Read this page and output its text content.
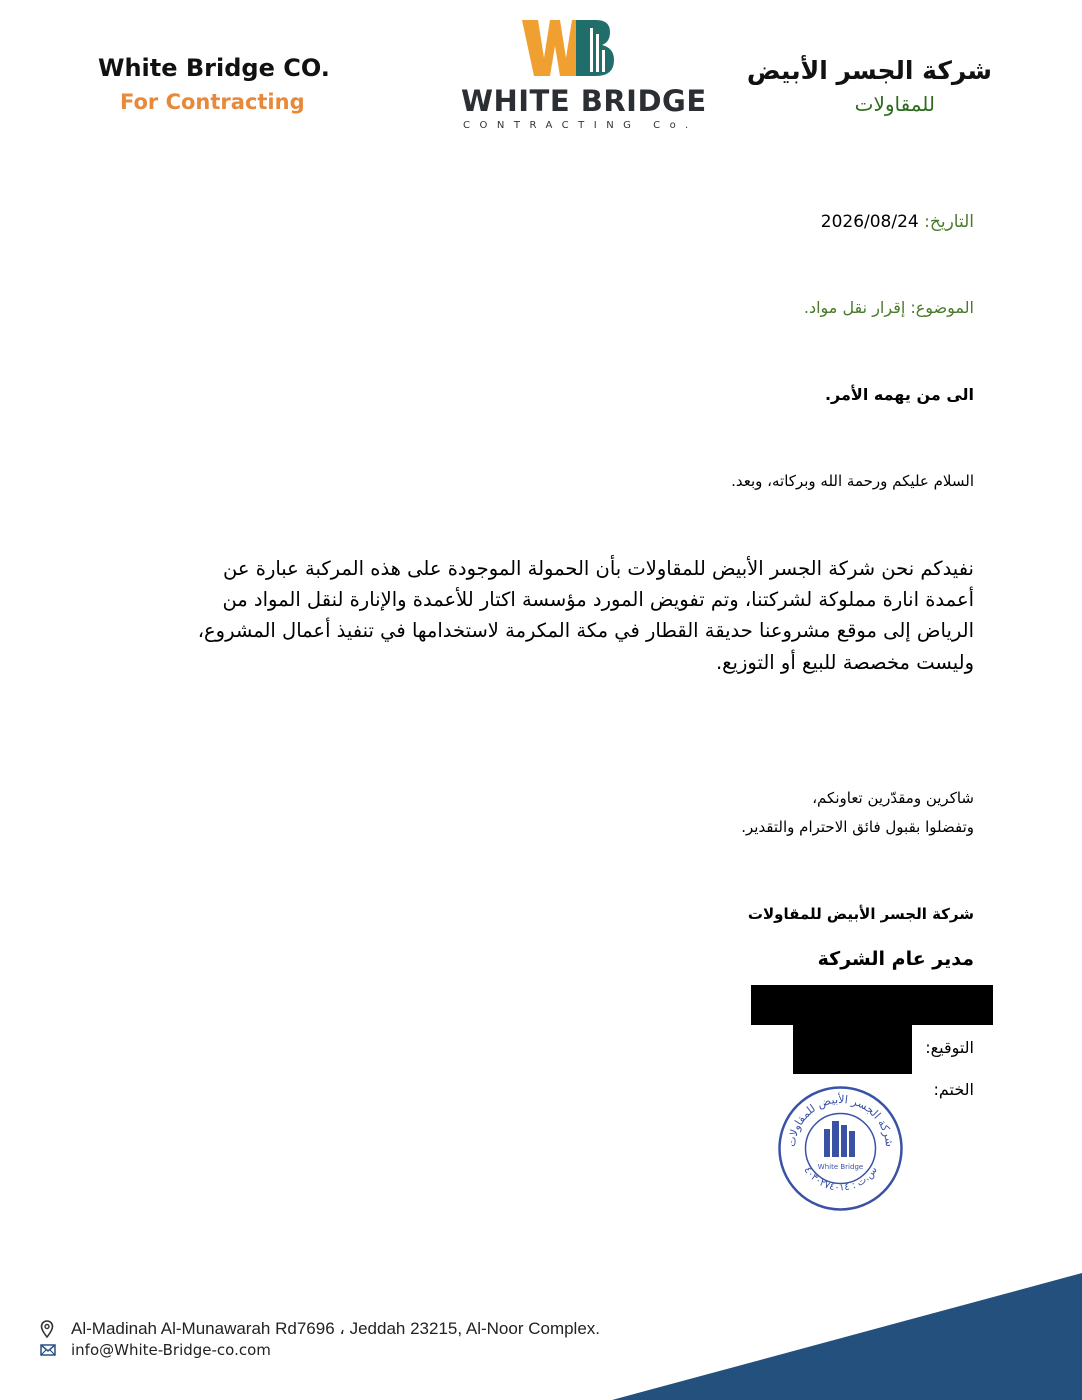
White Bridge CO.
For Contracting	WHITE BRIDGE
CONTRACTING Co.
شركة الجسر الأبيض
للمقاولات
التاريخ: 2026/08/24
الموضوع: إقرار نقل مواد.
الى من يهمه الأمر.
السلام عليكم ورحمة الله وبركاته، وبعد.
نفيدكم نحن شركة الجسر الأبيض للمقاولات بأن الحمولة الموجودة على هذه المركبة عبارة عن أعمدة انارة مملوكة لشركتنا، وتم تفويض المورد مؤسسة اكتار للأعمدة والإنارة لنقل المواد من الرياض إلى موقع مشروعنا حديقة القطار في مكة المكرمة لاستخدامها في تنفيذ أعمال المشروع، وليست مخصصة للبيع أو التوزيع.
شاكرين ومقدّرين تعاونكم،
وتفضلوا بقبول فائق الاحترام والتقدير.
شركة الجسر الأبيض للمقاولات
مدير عام الشركة
التوقيع:
الختم:
شركة الجسر الأبيض للمقاولات
س.ت : ٤٠٣٠٢٧٤٠١٤
White Bridge
Al-Madinah Al-Munawarah Rd7696 ، Jeddah 23215, Al-Noor Complex.
info@White-Bridge-co.com
